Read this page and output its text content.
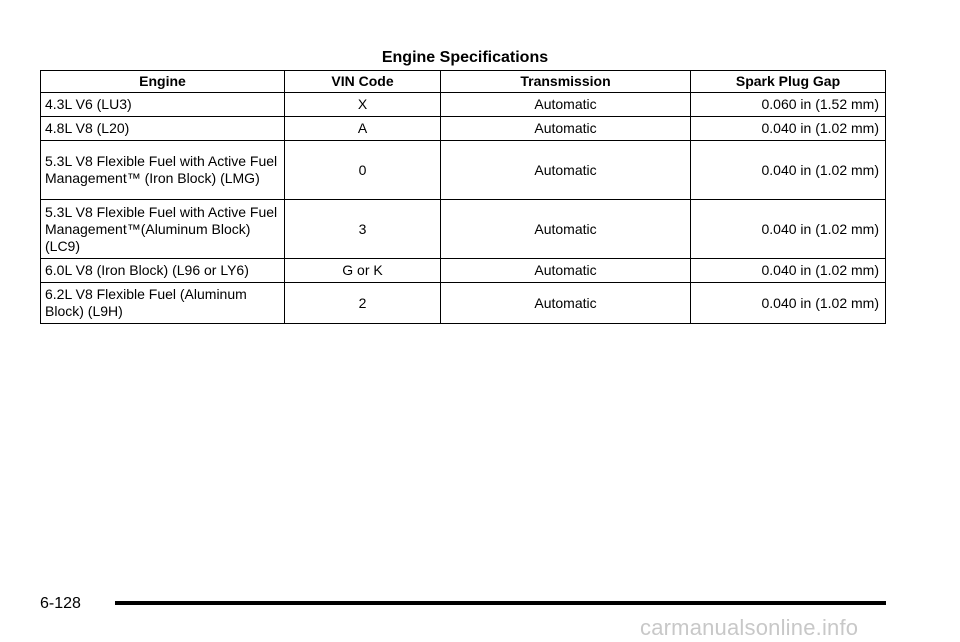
Engine Specifications
Engine	VIN Code	Transmission	Spark Plug Gap
4.3L V6 (LU3)	X	Automatic	0.060 in (1.52 mm)
4.8L V8 (L20)	A	Automatic	0.040 in (1.02 mm)
5.3L V8 Flexible Fuel with Active Fuel Management™ (Iron Block) (LMG)	0	Automatic	0.040 in (1.02 mm)
5.3L V8 Flexible Fuel with Active Fuel Management™(Aluminum Block) (LC9)	3	Automatic	0.040 in (1.02 mm)
6.0L V8 (Iron Block) (L96 or LY6)	G or K	Automatic	0.040 in (1.02 mm)
6.2L V8 Flexible Fuel (Aluminum Block) (L9H)	2	Automatic	0.040 in (1.02 mm)
6-128
carmanualsonline.info
